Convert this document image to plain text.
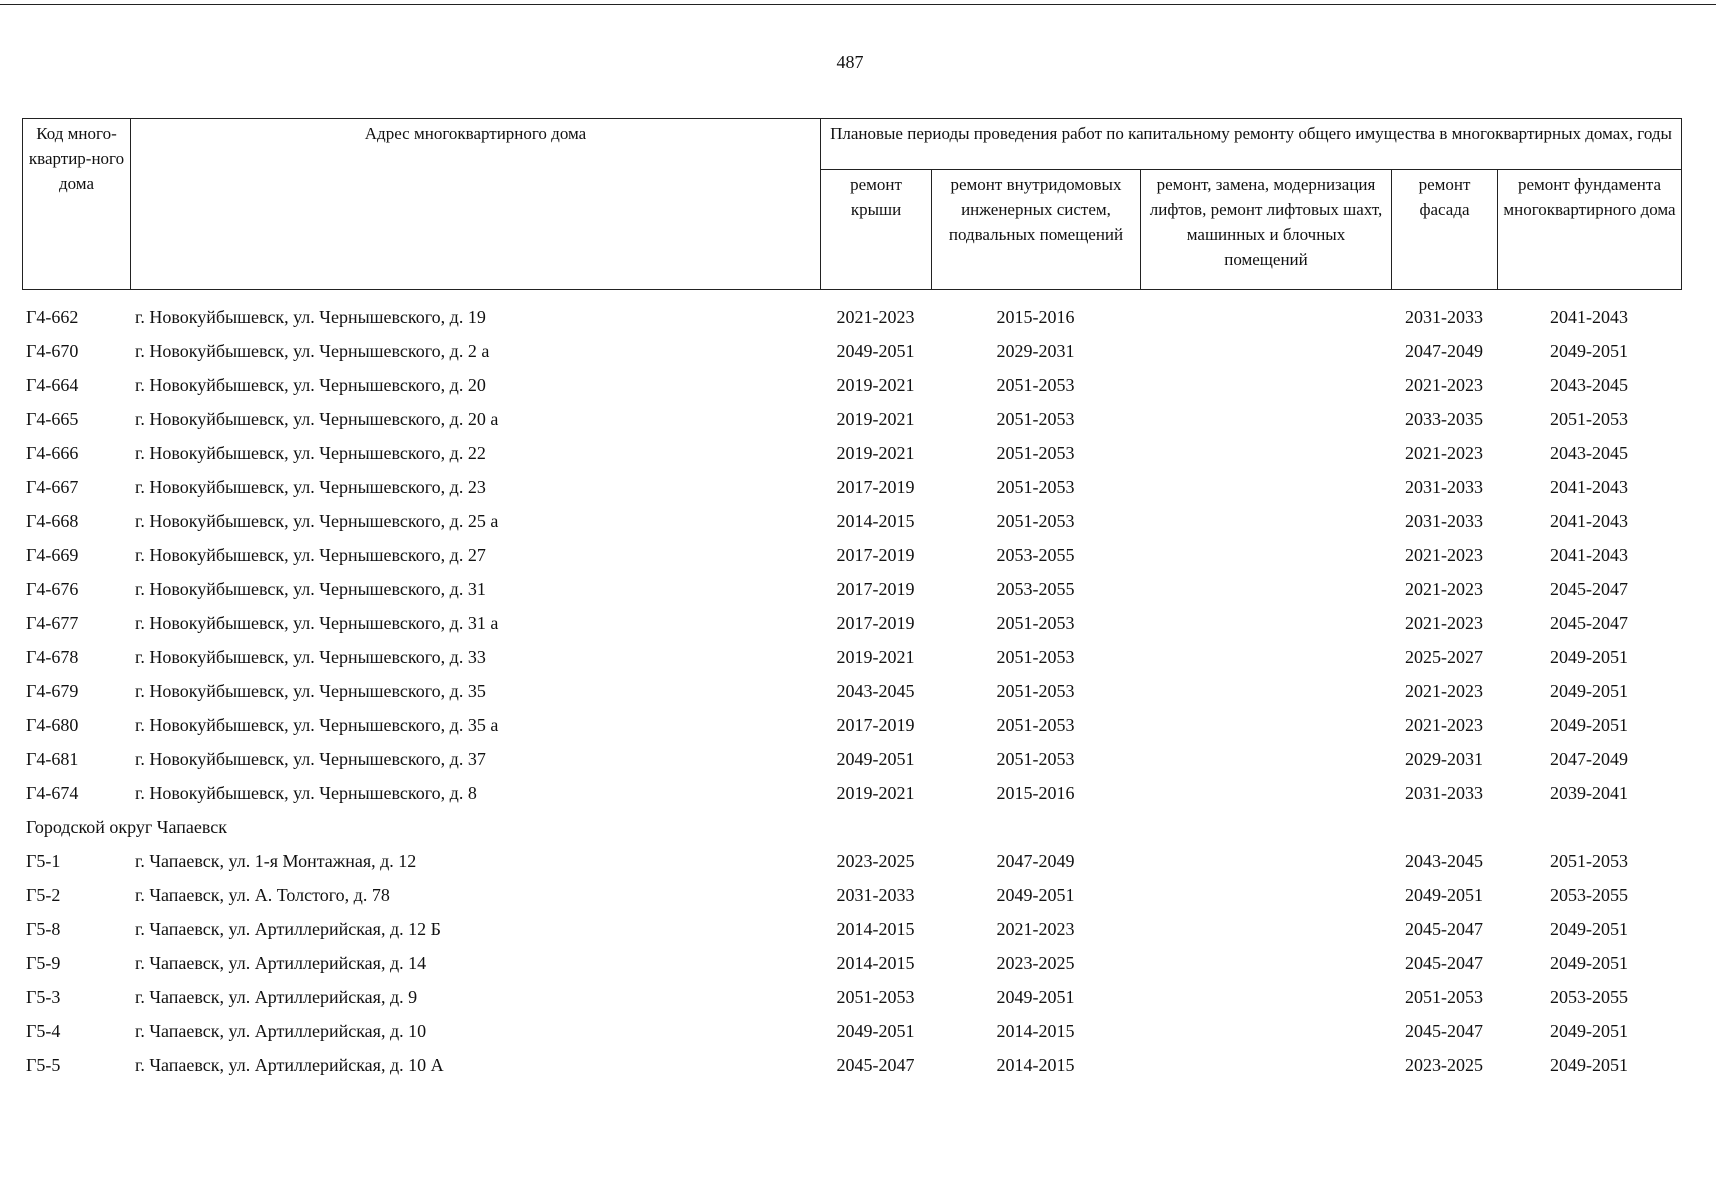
487
Код много-квартир-ного дома	Адрес многоквартирного дома	Плановые периоды проведения работ по капитальному ремонту общего имущества в многоквартирных домах, годы				
		ремонт крыши	ремонт внутридомовых инженерных систем, подвальных помещений	ремонт, замена, модернизация лифтов, ремонт лифтовых шахт, машинных и блочных помещений	ремонт фасада	ремонт фундамента многоквартирного дома
Г4-662	г. Новокуйбышевск, ул. Чернышевского, д. 19	2021-2023	2015-2016		2031-2033	2041-2043
Г4-670	г. Новокуйбышевск, ул. Чернышевского, д. 2 а	2049-2051	2029-2031		2047-2049	2049-2051
Г4-664	г. Новокуйбышевск, ул. Чернышевского, д. 20	2019-2021	2051-2053		2021-2023	2043-2045
Г4-665	г. Новокуйбышевск, ул. Чернышевского, д. 20 а	2019-2021	2051-2053		2033-2035	2051-2053
Г4-666	г. Новокуйбышевск, ул. Чернышевского, д. 22	2019-2021	2051-2053		2021-2023	2043-2045
Г4-667	г. Новокуйбышевск, ул. Чернышевского, д. 23	2017-2019	2051-2053		2031-2033	2041-2043
Г4-668	г. Новокуйбышевск, ул. Чернышевского, д. 25 а	2014-2015	2051-2053		2031-2033	2041-2043
Г4-669	г. Новокуйбышевск, ул. Чернышевского, д. 27	2017-2019	2053-2055		2021-2023	2041-2043
Г4-676	г. Новокуйбышевск, ул. Чернышевского, д. 31	2017-2019	2053-2055		2021-2023	2045-2047
Г4-677	г. Новокуйбышевск, ул. Чернышевского, д. 31 а	2017-2019	2051-2053		2021-2023	2045-2047
Г4-678	г. Новокуйбышевск, ул. Чернышевского, д. 33	2019-2021	2051-2053		2025-2027	2049-2051
Г4-679	г. Новокуйбышевск, ул. Чернышевского, д. 35	2043-2045	2051-2053		2021-2023	2049-2051
Г4-680	г. Новокуйбышевск, ул. Чернышевского, д. 35 а	2017-2019	2051-2053		2021-2023	2049-2051
Г4-681	г. Новокуйбышевск, ул. Чернышевского, д. 37	2049-2051	2051-2053		2029-2031	2047-2049
Г4-674	г. Новокуйбышевск, ул. Чернышевского, д. 8	2019-2021	2015-2016		2031-2033	2039-2041
Городской округ Чапаевск						
Г5-1	г. Чапаевск, ул. 1-я Монтажная, д. 12	2023-2025	2047-2049		2043-2045	2051-2053
Г5-2	г. Чапаевск, ул. А. Толстого, д. 78	2031-2033	2049-2051		2049-2051	2053-2055
Г5-8	г. Чапаевск, ул. Артиллерийская, д. 12 Б	2014-2015	2021-2023		2045-2047	2049-2051
Г5-9	г. Чапаевск, ул. Артиллерийская, д. 14	2014-2015	2023-2025		2045-2047	2049-2051
Г5-3	г. Чапаевск, ул. Артиллерийская, д. 9	2051-2053	2049-2051		2051-2053	2053-2055
Г5-4	г. Чапаевск, ул. Артиллерийская, д. 10	2049-2051	2014-2015		2045-2047	2049-2051
Г5-5	г. Чапаевск, ул. Артиллерийская, д. 10 А	2045-2047	2014-2015		2023-2025	2049-2051
